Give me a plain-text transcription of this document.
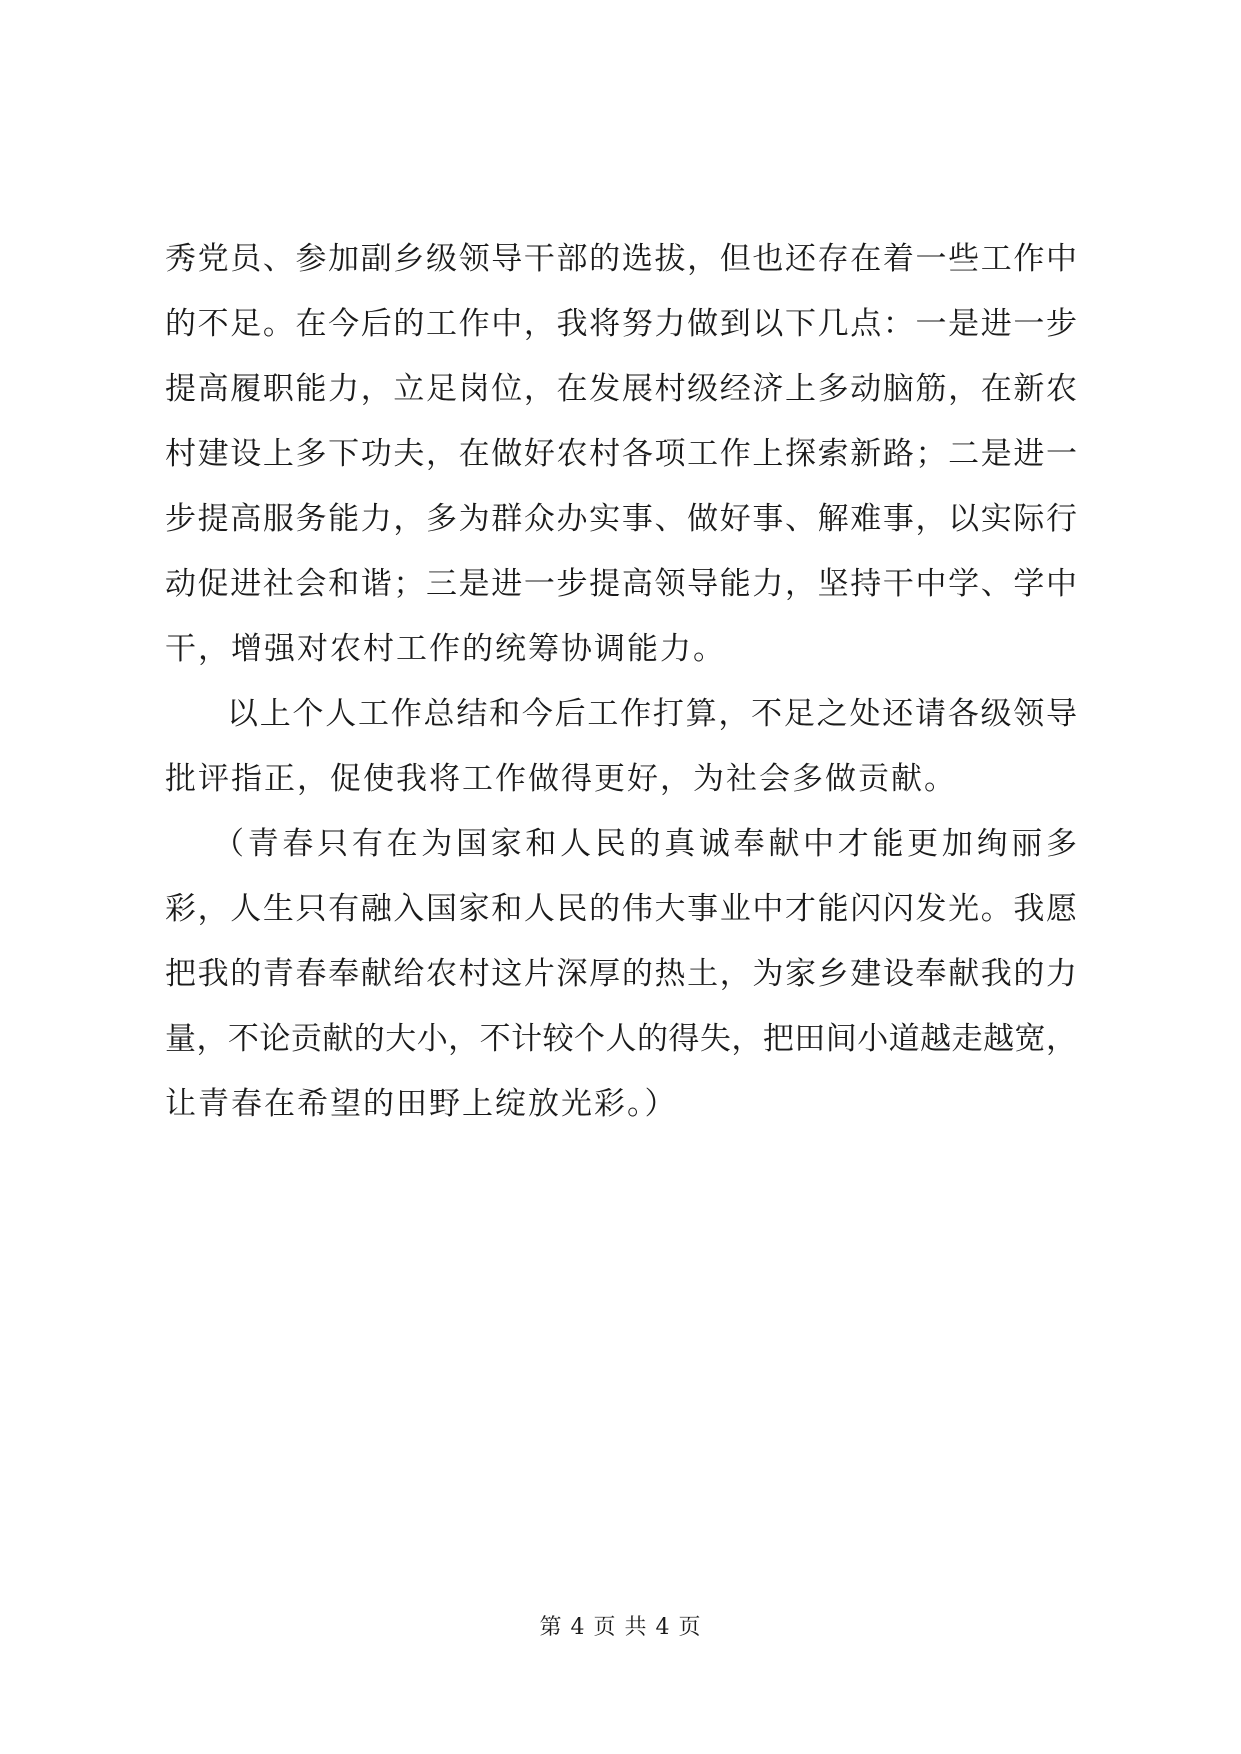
秀党员、参加副乡级领导干部的选拔，但也还存在着一些工作中
的不足。在今后的工作中，我将努力做到以下几点：一是进一步
提高履职能力，立足岗位，在发展村级经济上多动脑筋，在新农
村建设上多下功夫，在做好农村各项工作上探索新路；二是进一
步提高服务能力，多为群众办实事、做好事、解难事，以实际行
动促进社会和谐；三是进一步提高领导能力，坚持干中学、学中
干，增强对农村工作的统筹协调能力。
以上个人工作总结和今后工作打算，不足之处还请各级领导
批评指正，促使我将工作做得更好，为社会多做贡献。
（青春只有在为国家和人民的真诚奉献中才能更加绚丽多
彩，人生只有融入国家和人民的伟大事业中才能闪闪发光。我愿
把我的青春奉献给农村这片深厚的热土，为家乡建设奉献我的力
量，不论贡献的大小，不计较个人的得失，把田间小道越走越宽，
让青春在希望的田野上绽放光彩。）
第 4 页 共 4 页
